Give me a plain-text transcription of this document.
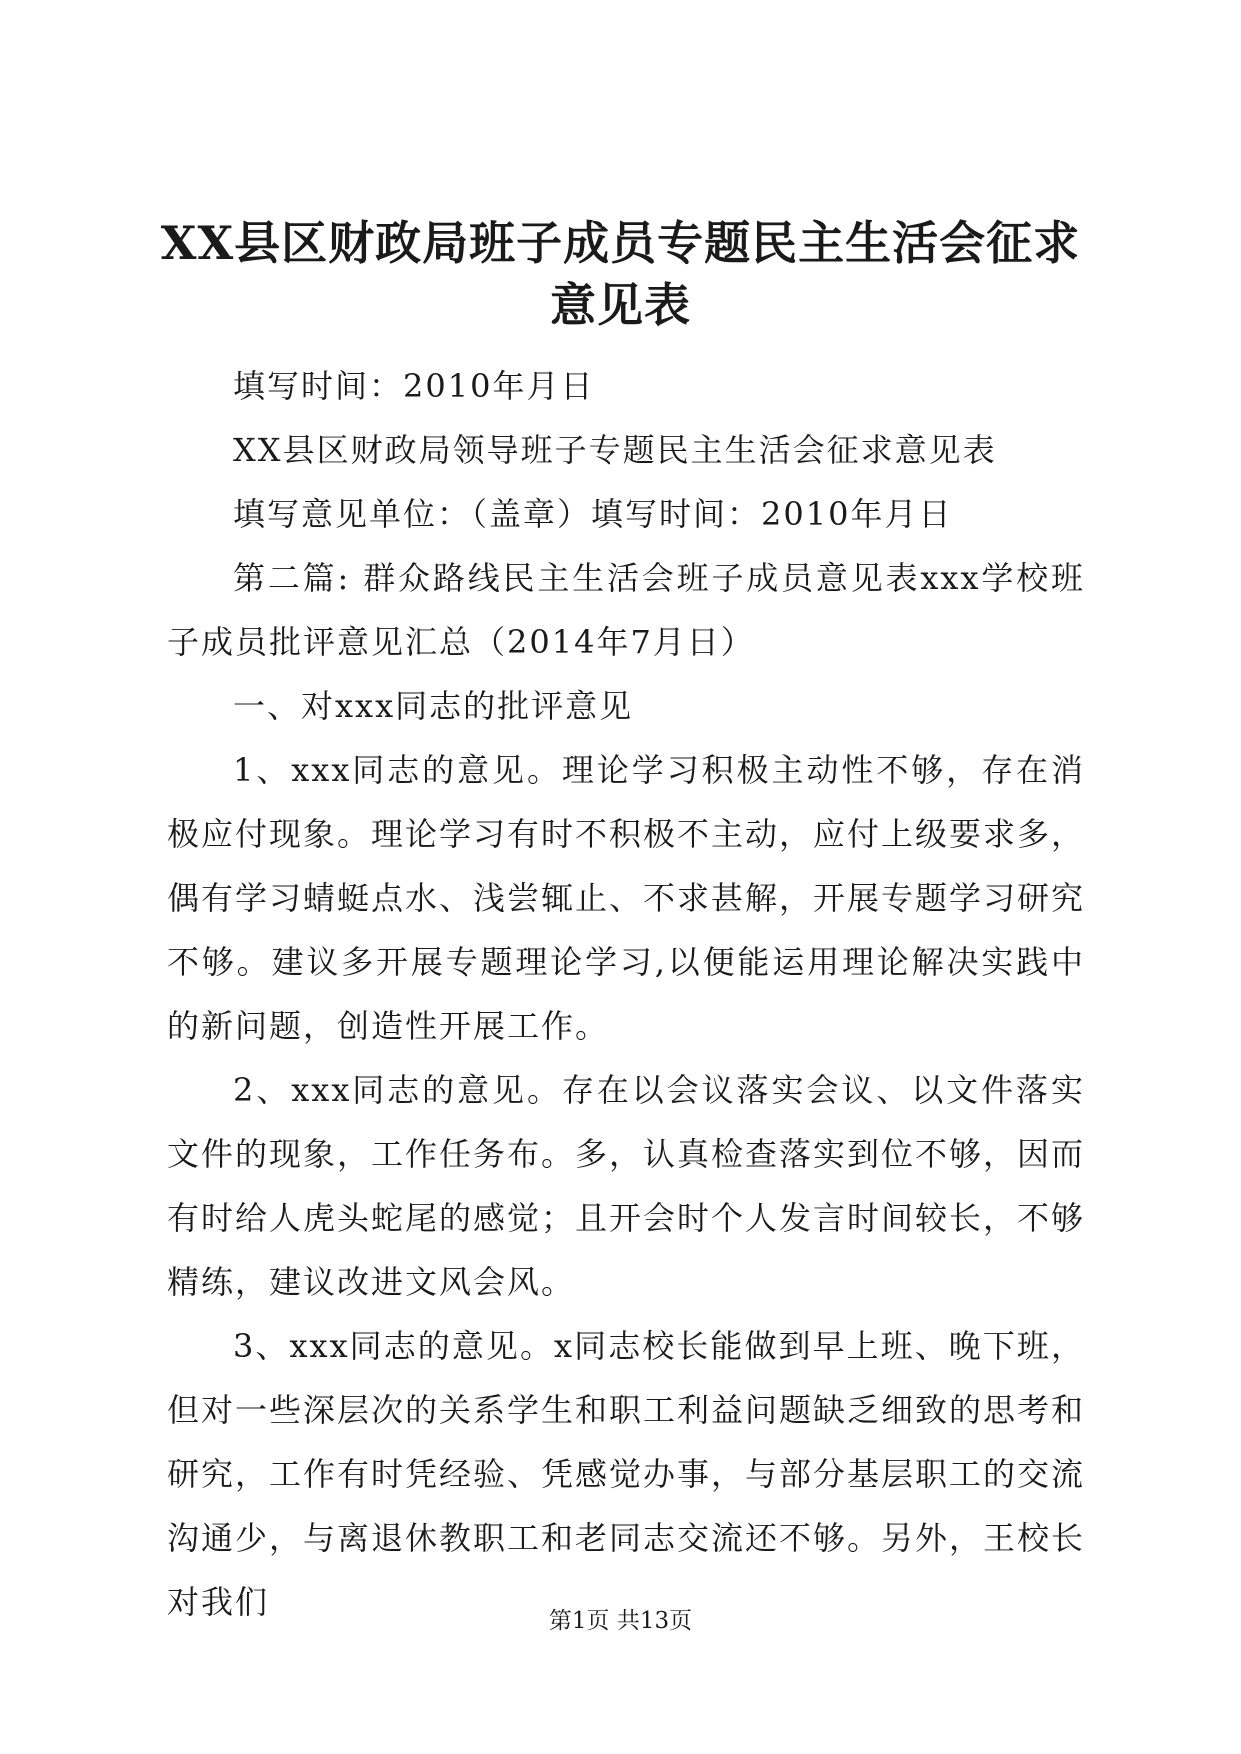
XX县区财政局班子成员专题民主生活会征求意见表

填写时间：2010年月日

XX县区财政局领导班子专题民主生活会征求意见表

填写意见单位：（盖章）填写时间：2010年月日

第二篇: 群众路线民主生活会班子成员意见表xxx学校班子成员批评意见汇总（2014年7月日）

一、对xxx同志的批评意见

1、xxx同志的意见。理论学习积极主动性不够，存在消极应付现象。理论学习有时不积极不主动，应付上级要求多，偶有学习蜻蜓点水、浅尝辄止、不求甚解，开展专题学习研究不够。建议多开展专题理论学习,以便能运用理论解决实践中的新问题，创造性开展工作。

2、xxx同志的意见。存在以会议落实会议、以文件落实文件的现象，工作任务布。多，认真检查落实到位不够，因而有时给人虎头蛇尾的感觉；且开会时个人发言时间较长，不够精练，建议改进文风会风。

3、xxx同志的意见。x同志校长能做到早上班、晚下班，但对一些深层次的关系学生和职工利益问题缺乏细致的思考和研究，工作有时凭经验、凭感觉办事，与部分基层职工的交流沟通少，与离退休教职工和老同志交流还不够。另外，王校长对我们	第1页 共13页
